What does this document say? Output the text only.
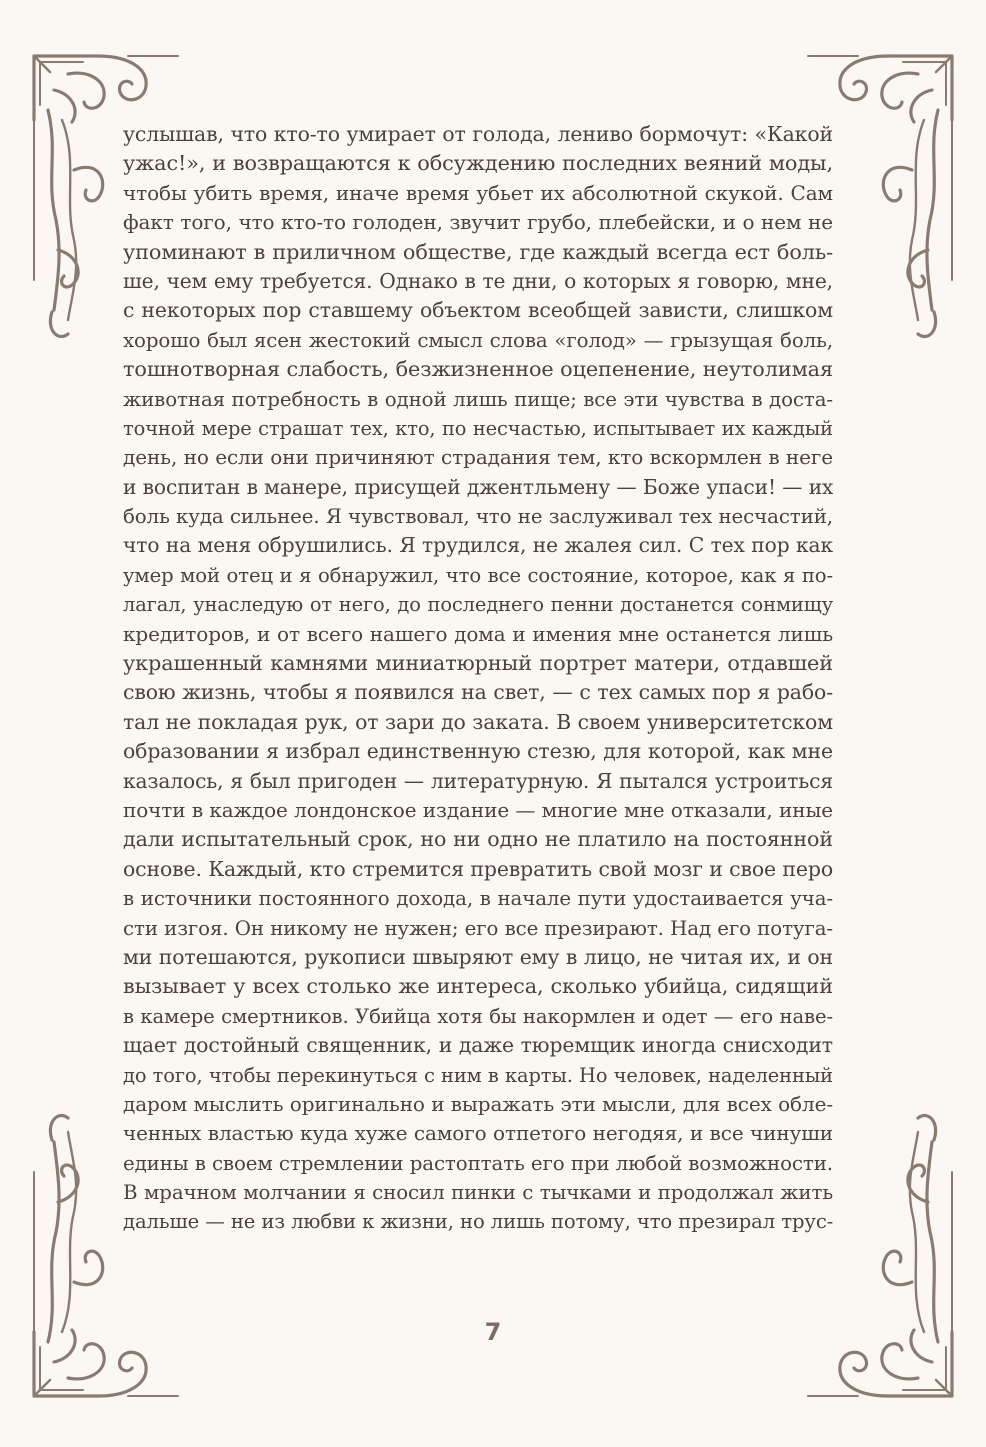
услышав, что кто-то умирает от голода, лениво бормочут: «Какой
ужас!», и возвращаются к обсуждению последних веяний моды,
чтобы убить время, иначе время убьет их абсолютной скукой. Сам
факт того, что кто-то голоден, звучит грубо, плебейски, и о нем не
упоминают в приличном обществе, где каждый всегда ест боль-
ше, чем ему требуется. Однако в те дни, о которых я говорю, мне,
с некоторых пор ставшему объектом всеобщей зависти, слишком
хорошо был ясен жестокий смысл слова «голод» — грызущая боль,
тошнотворная слабость, безжизненное оцепенение, неутолимая
животная потребность в одной лишь пище; все эти чувства в доста-
точной мере страшат тех, кто, по несчастью, испытывает их каждый
день, но если они причиняют страдания тем, кто вскормлен в неге
и воспитан в манере, присущей джентльмену — Боже упаси! — их
боль куда сильнее. Я чувствовал, что не заслуживал тех несчастий,
что на меня обрушились. Я трудился, не жалея сил. С тех пор как
умер мой отец и я обнаружил, что все состояние, которое, как я по-
лагал, унаследую от него, до последнего пенни достанется сонмищу
кредиторов, и от всего нашего дома и имения мне останется лишь
украшенный камнями миниатюрный портрет матери, отдавшей
свою жизнь, чтобы я появился на свет, — с тех самых пор я рабо-
тал не покладая рук, от зари до заката. В своем университетском
образовании я избрал единственную стезю, для которой, как мне
казалось, я был пригоден — литературную. Я пытался устроиться
почти в каждое лондонское издание — многие мне отказали, иные
дали испытательный срок, но ни одно не платило на постоянной
основе. Каждый, кто стремится превратить свой мозг и свое перо
в источники постоянного дохода, в начале пути удостаивается уча-
сти изгоя. Он никому не нужен; его все презирают. Над его потуга-
ми потешаются, рукописи швыряют ему в лицо, не читая их, и он
вызывает у всех столько же интереса, сколько убийца, сидящий
в камере смертников. Убийца хотя бы накормлен и одет — его наве-
щает достойный священник, и даже тюремщик иногда снисходит
до того, чтобы перекинуться с ним в карты. Но человек, наделенный
даром мыслить оригинально и выражать эти мысли, для всех обле-
ченных властью куда хуже самого отпетого негодяя, и все чинуши
едины в своем стремлении растоптать его при любой возможности.
В мрачном молчании я сносил пинки с тычками и продолжал жить
дальше — не из любви к жизни, но лишь потому, что презирал трус-
7
